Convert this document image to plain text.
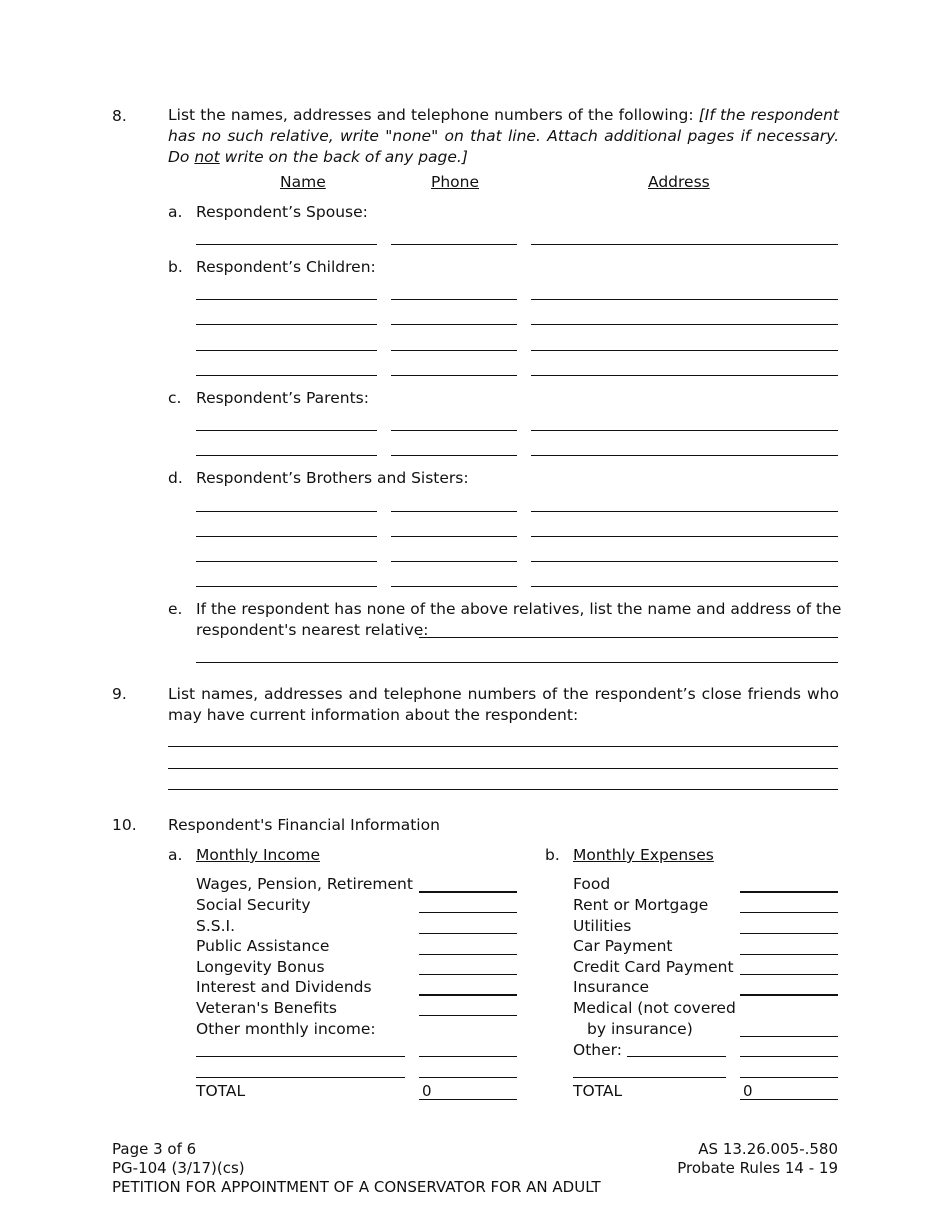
8.	List the names, addresses and telephone numbers of the following: [If the respondent has no such relative, write "none" on that line. Attach additional pages if necessary. Do not write on the back of any page.]
Name	Phone	Address
a. Respondent’s Spouse:
b. Respondent’s Children:
c. Respondent’s Parents:
d. Respondent’s Brothers and Sisters:
e. If the respondent has none of the above relatives, list the name and address of the
respondent's nearest relative:
9.	List names, addresses and telephone numbers of the respondent’s close friends who may have current information about the respondent:
10. Respondent's Financial Information
a. Monthly Income
Wages, Pension, Retirement
Social Security
S.S.I.
Public Assistance
Longevity Bonus
Interest and Dividends
Veteran's Benefits
Other monthly income:
TOTAL	0
b. Monthly Expenses
Food
Rent or Mortgage
Utilities
Car Payment
Credit Card Payment
Insurance
Medical (not covered
by insurance)
Other:
TOTAL	0
Page 3 of 6
PG-104 (3/17)(cs)
PETITION FOR APPOINTMENT OF A CONSERVATOR FOR AN ADULT
AS 13.26.005-.580
Probate Rules 14 - 19
